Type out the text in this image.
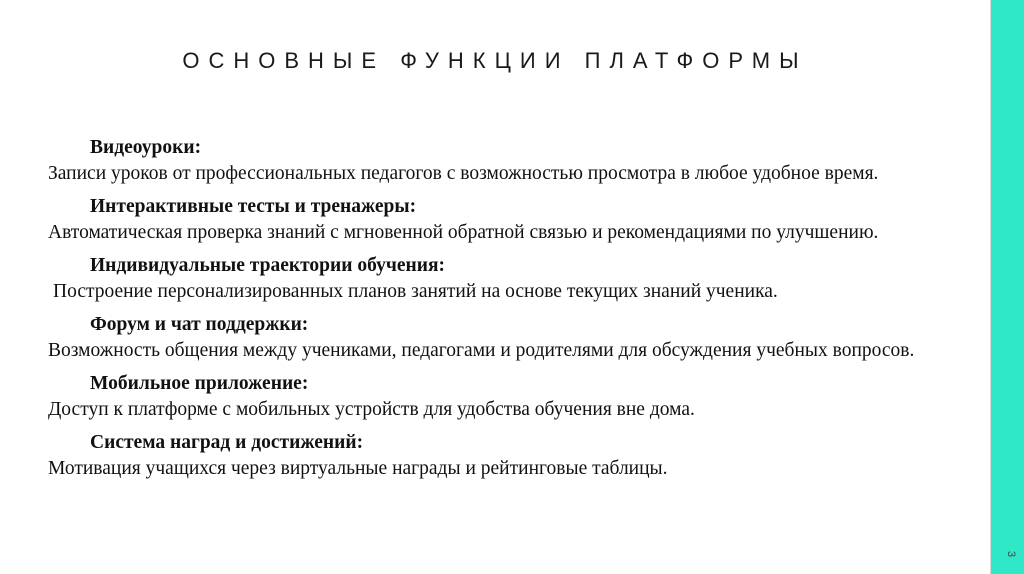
ОСНОВНЫЕ ФУНКЦИИ ПЛАТФОРМЫ
Видеоуроки:
Записи уроков от профессиональных педагогов с возможностью просмотра в любое удобное время.
Интерактивные тесты и тренажеры:
Автоматическая проверка знаний с мгновенной обратной связью и рекомендациями по улучшению.
Индивидуальные траектории обучения:
Построение персонализированных планов занятий на основе текущих знаний ученика.
Форум и чат поддержки:
Возможность общения между учениками, педагогами и родителями для обсуждения учебных вопросов.
Мобильное приложение:
Доступ к платформе с мобильных устройств для удобства обучения вне дома.
Система наград и достижений:
Мотивация учащихся через виртуальные награды и рейтинговые таблицы.
3
